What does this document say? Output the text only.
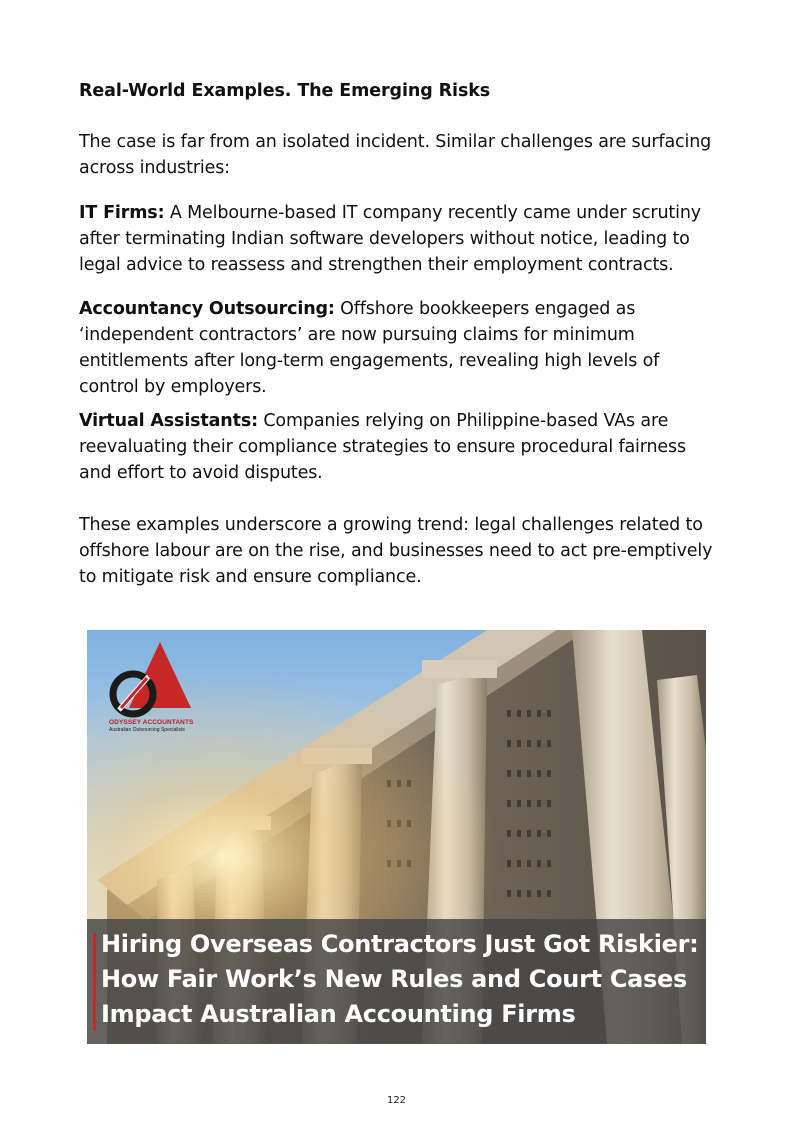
Real-World Examples. The Emerging Risks

The case is far from an isolated incident. Similar challenges are surfacing across industries:

IT Firms: A Melbourne-based IT company recently came under scrutiny after terminating Indian software developers without notice, leading to legal advice to reassess and strengthen their employment contracts.

Accountancy Outsourcing: Offshore bookkeepers engaged as ‘independent contractors’ are now pursuing claims for minimum entitlements after long-term engagements, revealing high levels of control by employers.

Virtual Assistants: Companies relying on Philippine-based VAs are reevaluating their compliance strategies to ensure procedural fairness and effort to avoid disputes.

These examples underscore a growing trend: legal challenges related to offshore labour are on the rise, and businesses need to act pre-emptively to mitigate risk and ensure compliance.

ODYSSEY ACCOUNTANTS
Australian Outsourcing Specialists
Hiring Overseas Contractors Just Got Riskier: How Fair Work’s New Rules and Court Cases Impact Australian Accounting Firms
122
